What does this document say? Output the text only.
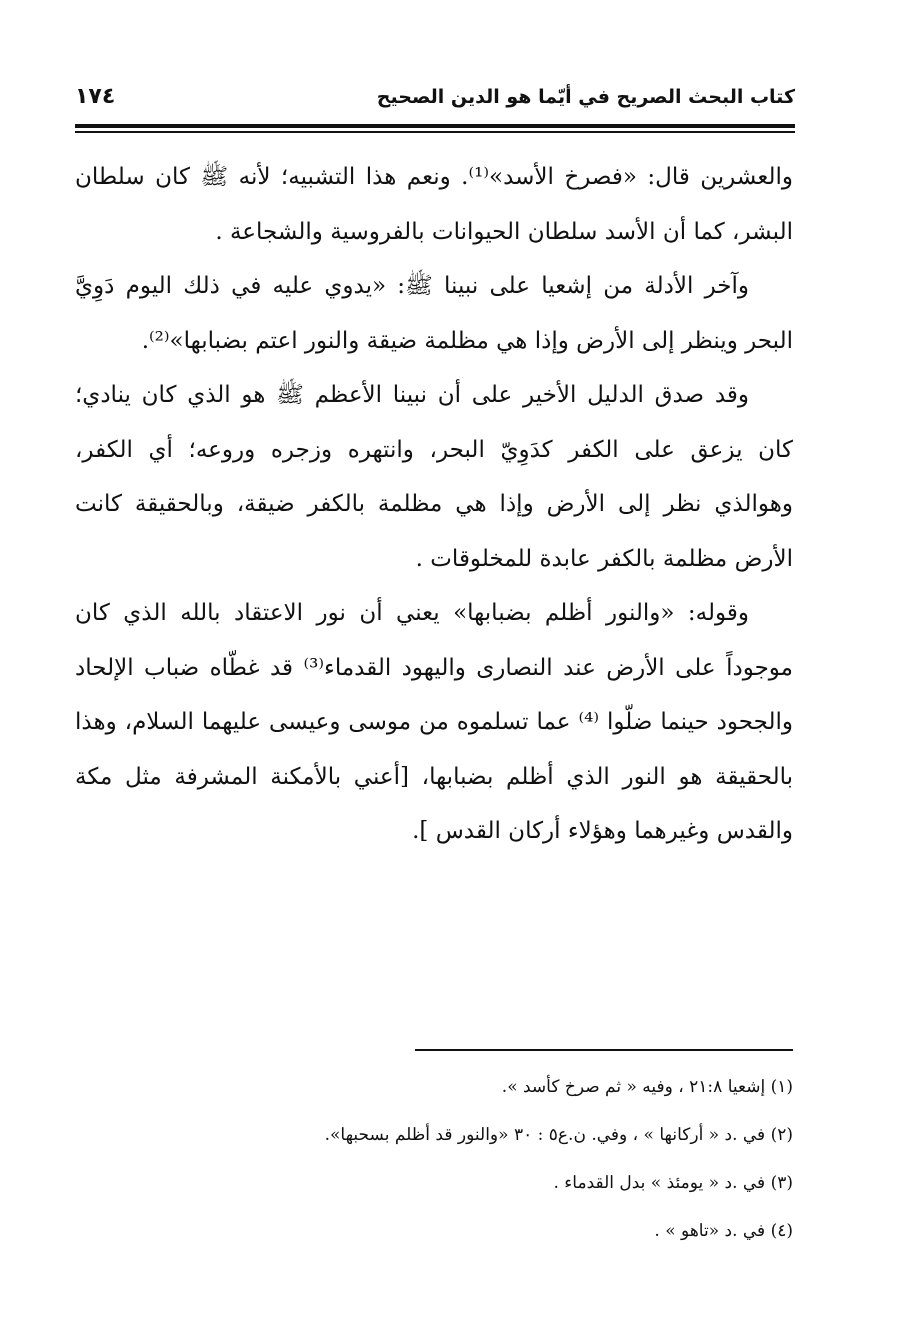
كتاب البحث الصريح في أيّما هو الدين الصحيح
١٧٤

والعشرين قال: «فصرخ الأسد»⁽¹⁾. ونعم هذا التشبيه؛ لأنه ﷺ كان سلطان البشر، كما أن الأسد سلطان الحيوانات بالفروسية والشجاعة .

وآخر الأدلة من إشعيا على نبينا ﷺ: «يدوي عليه في ذلك اليوم دَوِيَّ البحر وينظر إلى الأرض وإذا هي مظلمة ضيقة والنور اعتم بضبابها»⁽²⁾.

وقد صدق الدليل الأخير على أن نبينا الأعظم ﷺ هو الذي كان ينادي؛ كان يزعق على الكفر كدَوِيّ البحر، وانتهره وزجره وروعه؛ أي الكفر، وهوالذي نظر إلى الأرض وإذا هي مظلمة بالكفر ضيقة، وبالحقيقة كانت الأرض مظلمة بالكفر عابدة للمخلوقات .

وقوله: «والنور أظلم بضبابها» يعني أن نور الاعتقاد بالله الذي كان موجوداً على الأرض عند النصارى واليهود القدماء⁽³⁾ قد غطّاه ضباب الإلحاد والجحود حينما ضلّوا ⁽⁴⁾ عما تسلموه من موسى وعيسى عليهما السلام، وهذا بالحقيقة هو النور الذي أظلم بضبابها، [أعني بالأمكنة المشرفة مثل مكة والقدس وغيرهما وهؤلاء أركان القدس ].

(١) إشعيا ٢١:٨ ، وفيه « ثم صرخ كأسد ».

(٢) في .د « أركانها » ، وفي. ن.ع٥ : ٣٠ «والنور قد أظلم بسحبها».

(٣) في .د « يومئذ » بدل القدماء .

(٤) في .د «تاهو » .
